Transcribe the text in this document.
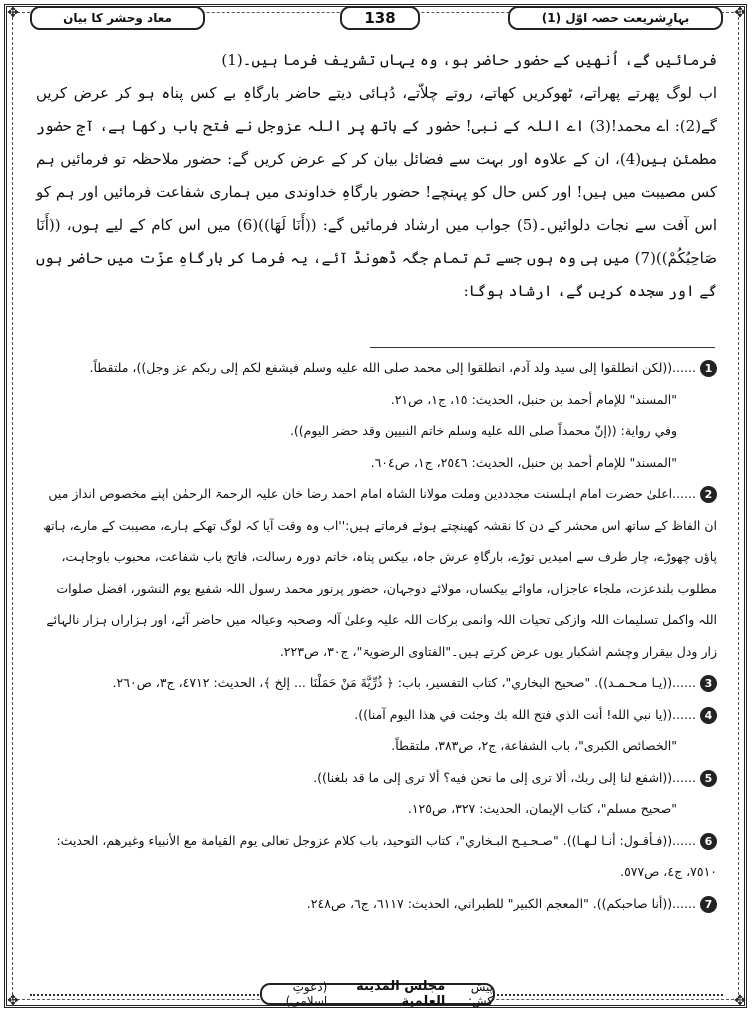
✥	✥
✥	✥
بہارِشریعت حصہ اوّل (1)
138
معاد وحشر کا بیان

فرمائیں گے، اُنھیں کے حضور حاضر ہو، وہ یہاں تشریف فرما ہیں۔(1)

اب لوگ پھرتے پھراتے، ٹھوکریں کھاتے، روتے چلاّتے، دُہائی دیتے حاضر بارگاہِ بے کس پناہ ہو کر عرض کریں گے(2): اے محمد!(3) اے اللہ کے نبی! حضور کے ہاتھ پر اللہ عزوجل نے فتح باب رکھا ہے، آج حضور مطمئن ہیں(4)، ان کے علاوہ اور بہت سے فضائل بیان کر کے عرض کریں گے: حضور ملاحظہ تو فرمائیں ہم کس مصیبت میں ہیں! اور کس حال کو پہنچے! حضور بارگاہِ خداوندی میں ہماری شفاعت فرمائیں اور ہم کو اس آفت سے نجات دلوائیں۔(5) جواب میں ارشاد فرمائیں گے: ((أَنَا لَهَا))(6) میں اس کام کے لیے ہوں، ((أَنَا صَاحِبُكُمْ))(7) میں ہی وہ ہوں جسے تم تمام جگہ ڈھونڈ آئے، یہ فرما کر بارگاہِ عزّت میں حاضر ہوں گے اور سجدہ کریں گے، ارشاد ہوگا:

1......((لكن انطلقوا إلى سيد ولد آدم، انطلقوا إلى محمد صلى الله عليه وسلم فيشفع لكم إلى ربكم عز وجل))، ملتقطاً.

"المسند" للإمام أحمد بن حنبل، الحديث: ١٥، ج١، ص٢١.

وفي رواية: ((إنّ محمداً صلى الله عليه وسلم خاتم النبيين وقد حضر اليوم)).

"المسند" للإمام أحمد بن حنبل، الحديث: ٢٥٤٦، ج١، ص٦٠٤.

2......اعلیٰ حضرت امام اہلسنت مجدددین وملت مولانا الشاہ امام احمد رضا خان علیہ الرحمۃ الرحمٰن اپنے مخصوص انداز میں ان الفاظ کے ساتھ اس محشر کے دن کا نقشہ کھینچتے ہوئے فرماتے ہیں:''اب وہ وقت آیا کہ لوگ تھکے ہارے، مصیبت کے مارے، ہاتھ پاؤں چھوڑے، چار طرف سے امیدیں توڑے، بارگاہِ عرش جاہ، بیکس پناہ، خاتم دورہ رسالت، فاتح باب شفاعت، محبوب باوجاہت، مطلوب بلندعزت، ملجاء عاجزاں، ماوائے بیکساں، مولائے دوجہان، حضور پرنور محمد رسول اللہ شفیع یوم النشور، افضل صلوات اللہ واکمل تسلیمات اللہ وازکی تحیات اللہ وانمی برکات اللہ علیہ وعلیٰ آلہ وصحبہ وعیالہ میں حاضر آئے، اور ہزاراں ہزار نالہائے زار ودل بیقرار وچشم اشکبار یوں عرض کرتے ہیں۔"الفتاوی الرضویۃ"، ج٣٠، ص٢٢٣.

3......((يـا مـحـمـد)). "صحيح البخاري"، كتاب التفسير، باب: ﴿ ذُرِّيَّةَ مَنْ حَمَلْنَا ... إلخ ﴾، الحديث: ٤٧١٢، ج٣، ص٢٦٠.

4......((يا نبي الله! أنت الذي فتح الله بك وجئت في هذا اليوم آمنا)).

"الخصائص الكبرى"، باب الشفاعة، ج٢، ص٣٨٣، ملتقطاً.

5......((اشفع لنا إلى ربك، ألا ترى إلى ما نحن فيه؟ ألا ترى إلى ما قد بلغنا)).

"صحيح مسلم"، كتاب الإيمان، الحديث: ٣٢٧، ص١٢٥.

6......((فـأقـول: أنـا لـهـا)). "صـحـيـح البـخاري"، كتاب التوحيد، باب كلام عزوجل تعالى يوم القيامة مع الأنبياء وغيرهم، الحديث: ٧٥١٠، ج٤، ص٥٧٧.

7......((أنا صاحبكم)). "المعجم الكبير" للطبراني، الحديث: ٦١١٧، ج٦، ص٢٤٨.

پیش کش:
مجلس المدينة العلمية
(دعوتِ اسلامی)
